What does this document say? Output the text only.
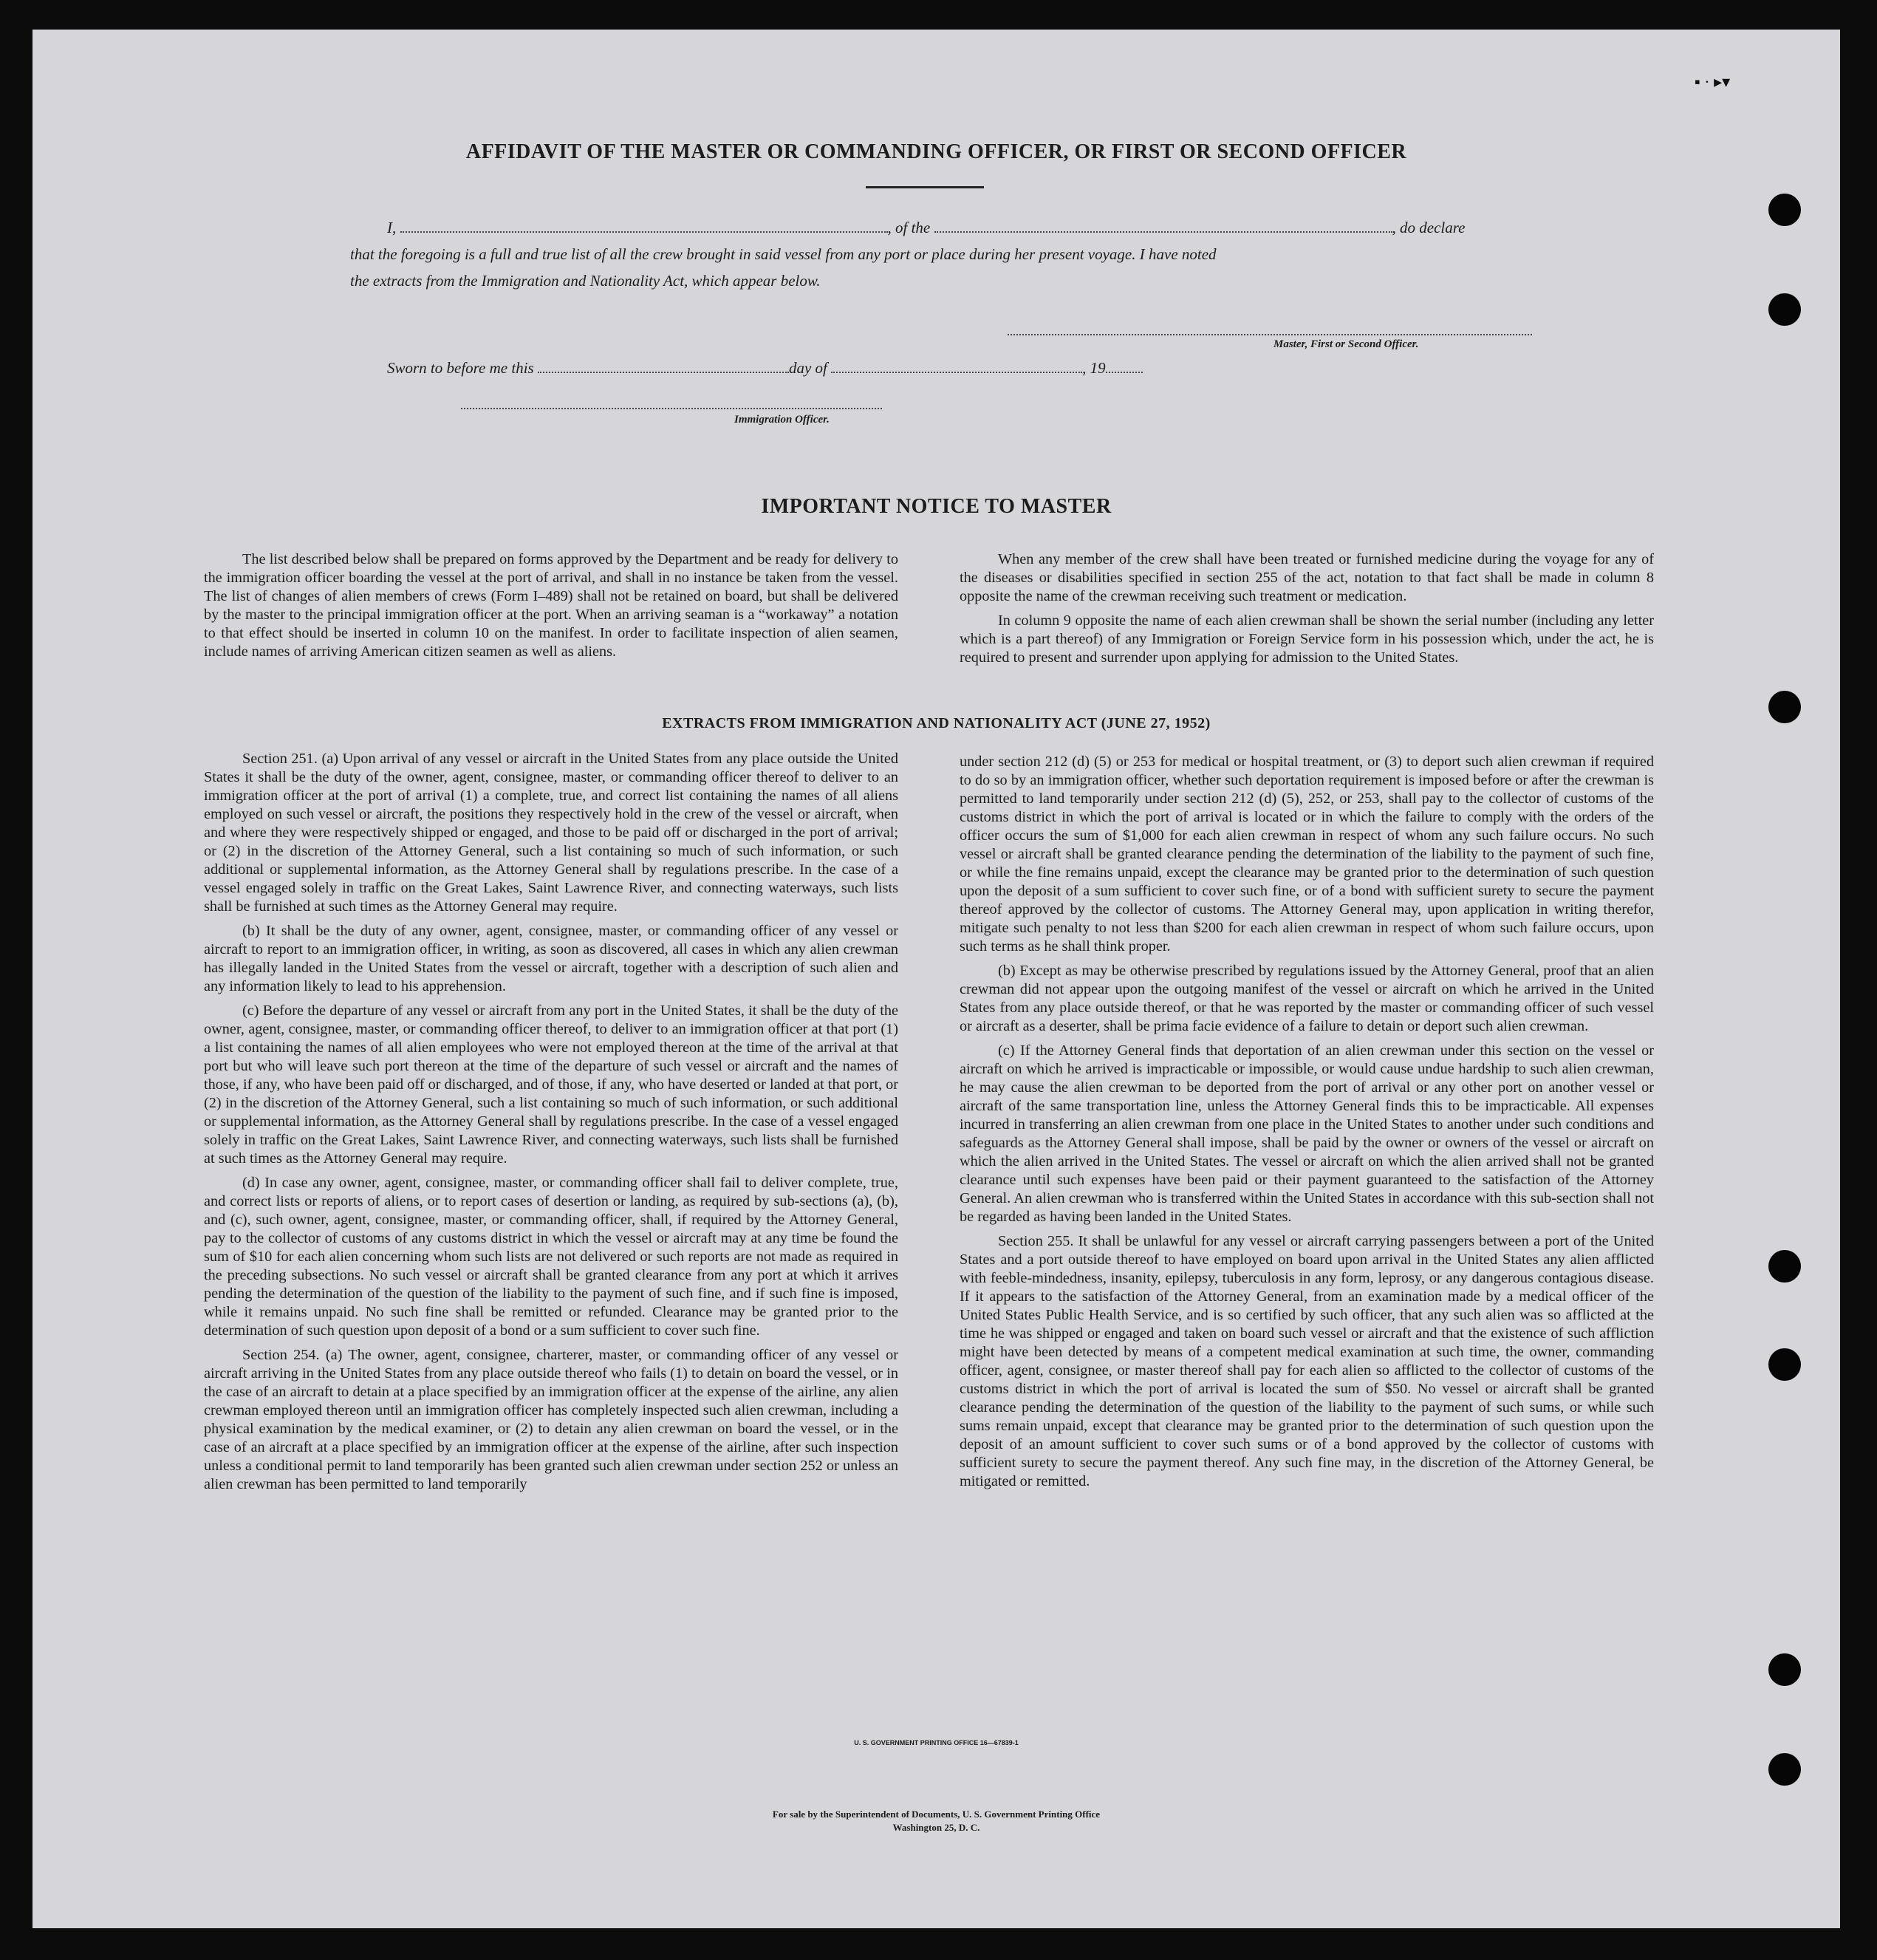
▪ · ▸▾
AFFIDAVIT OF THE MASTER OR COMMANDING OFFICER, OR FIRST OR SECOND OFFICER
I,	, of the	, do declare
that the foregoing is a full and true list of all the crew brought in said vessel from any port or place during her present voyage. I have noted
the extracts from the Immigration and Nationality Act, which appear below.
Master, First or Second Officer.
Sworn to before me this	day of	, 19
Immigration Officer.
IMPORTANT NOTICE TO MASTER

The list described below shall be prepared on forms approved by the Department and be ready for delivery to the immigration officer boarding the vessel at the port of arrival, and shall in no instance be taken from the vessel. The list of changes of alien members of crews (Form I–489) shall not be retained on board, but shall be delivered by the master to the principal immigration officer at the port. When an arriving seaman is a “workaway” a notation to that effect should be inserted in column 10 on the manifest. In order to facilitate inspection of alien seamen, include names of arriving American citizen seamen as well as aliens.

When any member of the crew shall have been treated or furnished medicine during the voyage for any of the diseases or disabilities specified in section 255 of the act, notation to that fact shall be made in column 8 opposite the name of the crewman receiving such treatment or medication.

In column 9 opposite the name of each alien crewman shall be shown the serial number (including any letter which is a part thereof) of any Immigration or Foreign Service form in his possession which, under the act, he is required to present and surrender upon applying for admission to the United States.

EXTRACTS FROM IMMIGRATION AND NATIONALITY ACT (JUNE 27, 1952)

Section 251. (a) Upon arrival of any vessel or aircraft in the United States from any place outside the United States it shall be the duty of the owner, agent, consignee, master, or commanding officer thereof to deliver to an immigration officer at the port of arrival (1) a complete, true, and correct list containing the names of all aliens employed on such vessel or aircraft, the positions they respectively hold in the crew of the vessel or aircraft, when and where they were respectively shipped or engaged, and those to be paid off or discharged in the port of arrival; or (2) in the discretion of the Attorney General, such a list containing so much of such information, or such additional or supplemental information, as the Attorney General shall by regulations prescribe. In the case of a vessel engaged solely in traffic on the Great Lakes, Saint Lawrence River, and connecting waterways, such lists shall be furnished at such times as the Attorney General may require.

(b) It shall be the duty of any owner, agent, consignee, master, or commanding officer of any vessel or aircraft to report to an immigration officer, in writing, as soon as discovered, all cases in which any alien crewman has illegally landed in the United States from the vessel or aircraft, together with a description of such alien and any information likely to lead to his apprehension.

(c) Before the departure of any vessel or aircraft from any port in the United States, it shall be the duty of the owner, agent, consignee, master, or commanding officer thereof, to deliver to an immigration officer at that port (1) a list containing the names of all alien employees who were not employed thereon at the time of the arrival at that port but who will leave such port thereon at the time of the departure of such vessel or aircraft and the names of those, if any, who have been paid off or discharged, and of those, if any, who have deserted or landed at that port, or (2) in the discretion of the Attorney General, such a list containing so much of such information, or such additional or supplemental information, as the Attorney General shall by regulations prescribe. In the case of a vessel engaged solely in traffic on the Great Lakes, Saint Lawrence River, and connecting waterways, such lists shall be furnished at such times as the Attorney General may require.

(d) In case any owner, agent, consignee, master, or commanding officer shall fail to deliver complete, true, and correct lists or reports of aliens, or to report cases of desertion or landing, as required by sub-sections (a), (b), and (c), such owner, agent, consignee, master, or commanding officer, shall, if required by the Attorney General, pay to the collector of customs of any customs district in which the vessel or aircraft may at any time be found the sum of $10 for each alien concerning whom such lists are not delivered or such reports are not made as required in the preceding subsections. No such vessel or aircraft shall be granted clearance from any port at which it arrives pending the determination of the question of the liability to the payment of such fine, and if such fine is imposed, while it remains unpaid. No such fine shall be remitted or refunded. Clearance may be granted prior to the determination of such question upon deposit of a bond or a sum sufficient to cover such fine.

Section 254. (a) The owner, agent, consignee, charterer, master, or commanding officer of any vessel or aircraft arriving in the United States from any place outside thereof who fails (1) to detain on board the vessel, or in the case of an aircraft to detain at a place specified by an immigration officer at the expense of the airline, any alien crewman employed thereon until an immigration officer has completely inspected such alien crewman, including a physical examination by the medical examiner, or (2) to detain any alien crewman on board the vessel, or in the case of an aircraft at a place specified by an immigration officer at the expense of the airline, after such inspection unless a conditional permit to land temporarily has been granted such alien crewman under section 252 or unless an alien crewman has been permitted to land temporarily

under section 212 (d) (5) or 253 for medical or hospital treatment, or (3) to deport such alien crewman if required to do so by an immigration officer, whether such deportation requirement is imposed before or after the crewman is permitted to land temporarily under section 212 (d) (5), 252, or 253, shall pay to the collector of customs of the customs district in which the port of arrival is located or in which the failure to comply with the orders of the officer occurs the sum of $1,000 for each alien crewman in respect of whom any such failure occurs. No such vessel or aircraft shall be granted clearance pending the determination of the liability to the payment of such fine, or while the fine remains unpaid, except the clearance may be granted prior to the determination of such question upon the deposit of a sum sufficient to cover such fine, or of a bond with sufficient surety to secure the payment thereof approved by the collector of customs. The Attorney General may, upon application in writing therefor, mitigate such penalty to not less than $200 for each alien crewman in respect of whom such failure occurs, upon such terms as he shall think proper.

(b) Except as may be otherwise prescribed by regulations issued by the Attorney General, proof that an alien crewman did not appear upon the outgoing manifest of the vessel or aircraft on which he arrived in the United States from any place outside thereof, or that he was reported by the master or commanding officer of such vessel or aircraft as a deserter, shall be prima facie evidence of a failure to detain or deport such alien crewman.

(c) If the Attorney General finds that deportation of an alien crewman under this section on the vessel or aircraft on which he arrived is impracticable or impossible, or would cause undue hardship to such alien crewman, he may cause the alien crewman to be deported from the port of arrival or any other port on another vessel or aircraft of the same transportation line, unless the Attorney General finds this to be impracticable. All expenses incurred in transferring an alien crewman from one place in the United States to another under such conditions and safeguards as the Attorney General shall impose, shall be paid by the owner or owners of the vessel or aircraft on which the alien arrived in the United States. The vessel or aircraft on which the alien arrived shall not be granted clearance until such expenses have been paid or their payment guaranteed to the satisfaction of the Attorney General. An alien crewman who is transferred within the United States in accordance with this sub-section shall not be regarded as having been landed in the United States.

Section 255. It shall be unlawful for any vessel or aircraft carrying passengers between a port of the United States and a port outside thereof to have employed on board upon arrival in the United States any alien afflicted with feeble-mindedness, insanity, epilepsy, tuberculosis in any form, leprosy, or any dangerous contagious disease. If it appears to the satisfaction of the Attorney General, from an examination made by a medical officer of the United States Public Health Service, and is so certified by such officer, that any such alien was so afflicted at the time he was shipped or engaged and taken on board such vessel or aircraft and that the existence of such affliction might have been detected by means of a competent medical examination at such time, the owner, commanding officer, agent, consignee, or master thereof shall pay for each alien so afflicted to the collector of customs of the customs district in which the port of arrival is located the sum of $50. No vessel or aircraft shall be granted clearance pending the determination of the question of the liability to the payment of such sums, or while such sums remain unpaid, except that clearance may be granted prior to the determination of such question upon the deposit of an amount sufficient to cover such sums or of a bond approved by the collector of customs with sufficient surety to secure the payment thereof. Any such fine may, in the discretion of the Attorney General, be mitigated or remitted.

U. S. GOVERNMENT PRINTING OFFICE 16—67839-1
For sale by the Superintendent of Documents, U. S. Government Printing Office
Washington 25, D. C.
